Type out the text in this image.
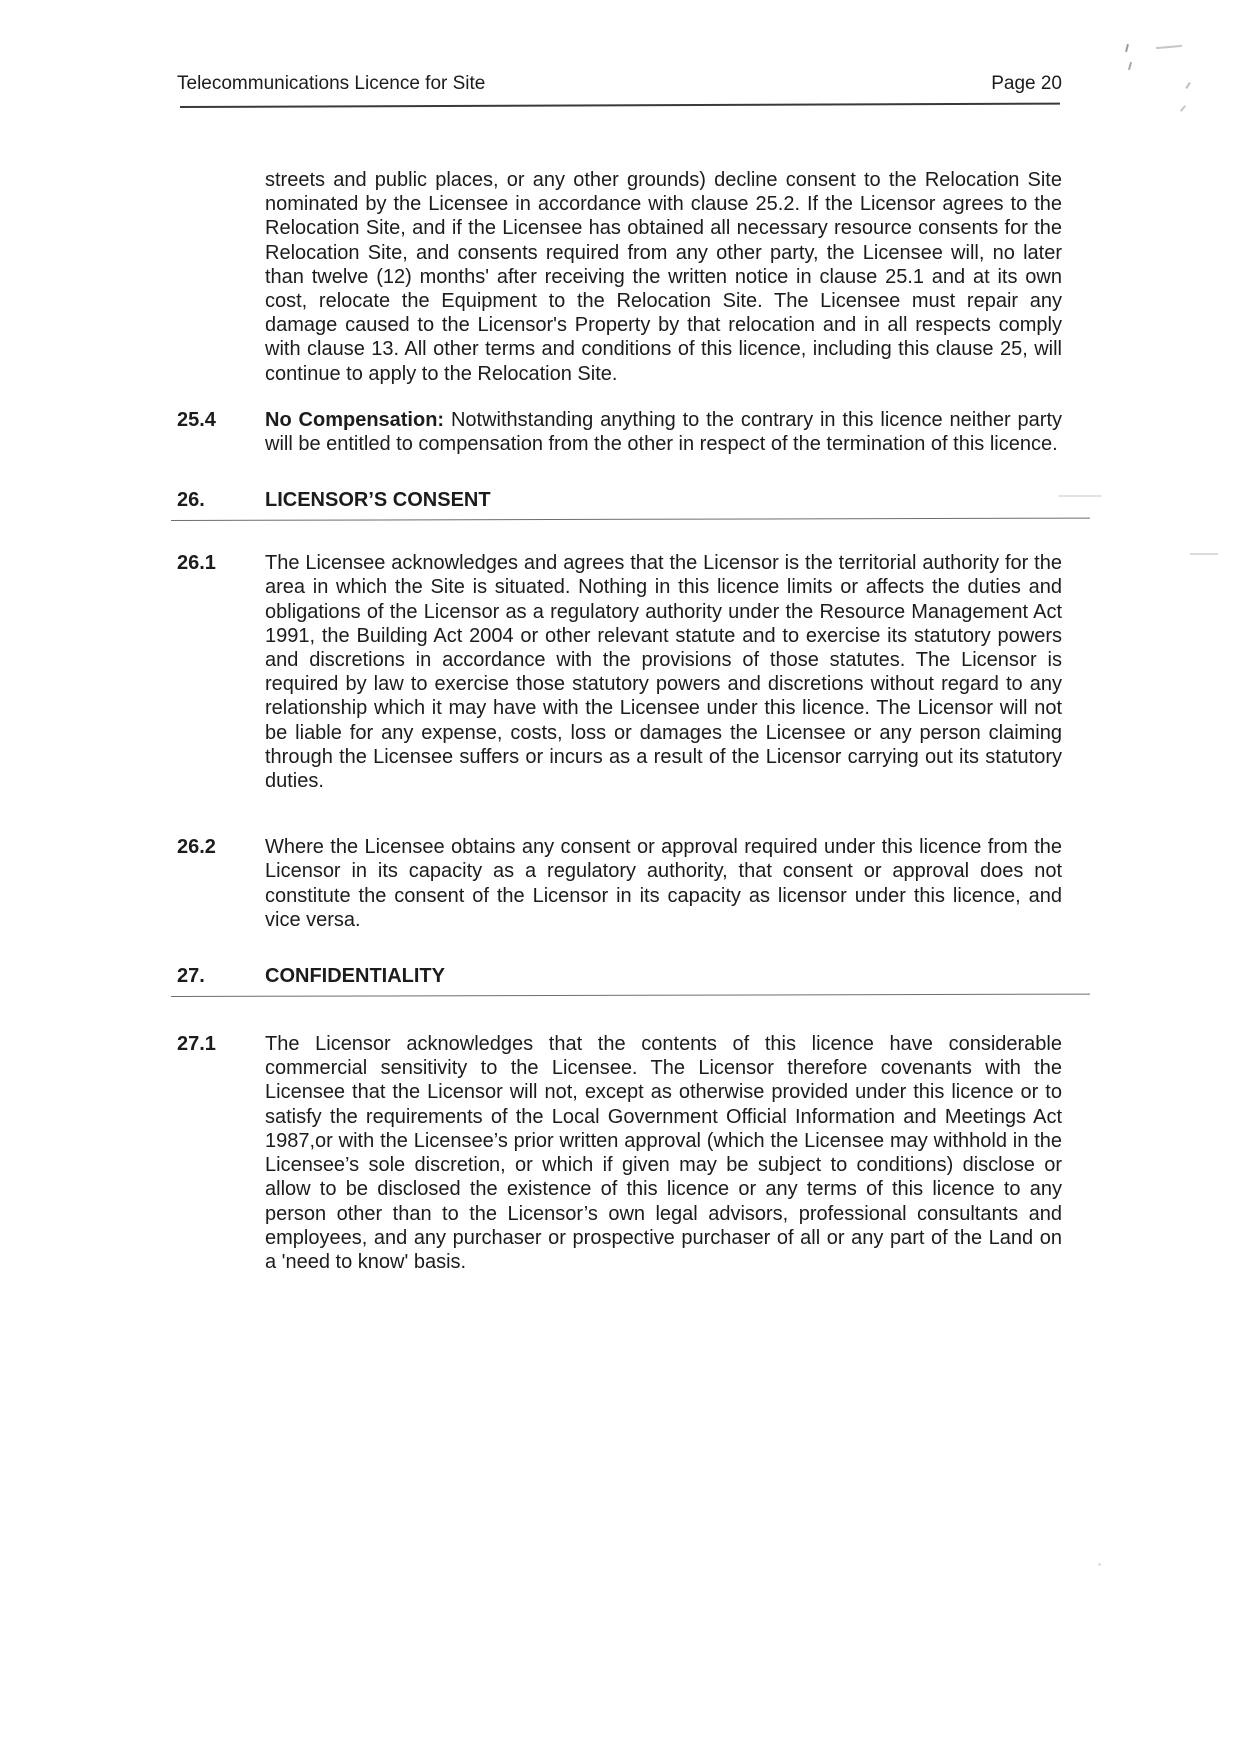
Telecommunications Licence for Site	Page 20
streets and public places, or any other grounds) decline consent to the Relocation Site nominated by the Licensee in accordance with clause 25.2. If the Licensor agrees to the Relocation Site, and if the Licensee has obtained all necessary resource consents for the Relocation Site, and consents required from any other party, the Licensee will, no later than twelve (12) months' after receiving the written notice in clause 25.1 and at its own cost, relocate the Equipment to the Relocation Site. The Licensee must repair any damage caused to the Licensor's Property by that relocation and in all respects comply with clause 13. All other terms and conditions of this licence, including this clause 25, will continue to apply to the Relocation Site.
25.4	No Compensation: Notwithstanding anything to the contrary in this licence neither party will be entitled to compensation from the other in respect of the termination of this licence.
26.	LICENSOR’S CONSENT
26.1	The Licensee acknowledges and agrees that the Licensor is the territorial authority for the area in which the Site is situated. Nothing in this licence limits or affects the duties and obligations of the Licensor as a regulatory authority under the Resource Management Act 1991, the Building Act 2004 or other relevant statute and to exercise its statutory powers and discretions in accordance with the provisions of those statutes. The Licensor is required by law to exercise those statutory powers and discretions without regard to any relationship which it may have with the Licensee under this licence. The Licensor will not be liable for any expense, costs, loss or damages the Licensee or any person claiming through the Licensee suffers or incurs as a result of the Licensor carrying out its statutory duties.
26.2	Where the Licensee obtains any consent or approval required under this licence from the Licensor in its capacity as a regulatory authority, that consent or approval does not constitute the consent of the Licensor in its capacity as licensor under this licence, and vice versa.
27.	CONFIDENTIALITY
27.1	The Licensor acknowledges that the contents of this licence have considerable commercial sensitivity to the Licensee. The Licensor therefore covenants with the Licensee that the Licensor will not, except as otherwise provided under this licence or to satisfy the requirements of the Local Government Official Information and Meetings Act 1987,or with the Licensee’s prior written approval (which the Licensee may withhold in the Licensee’s sole discretion, or which if given may be subject to conditions) disclose or allow to be disclosed the existence of this licence or any terms of this licence to any person other than to the Licensor’s own legal advisors, professional consultants and employees, and any purchaser or prospective purchaser of all or any part of the Land on a 'need to know' basis.
